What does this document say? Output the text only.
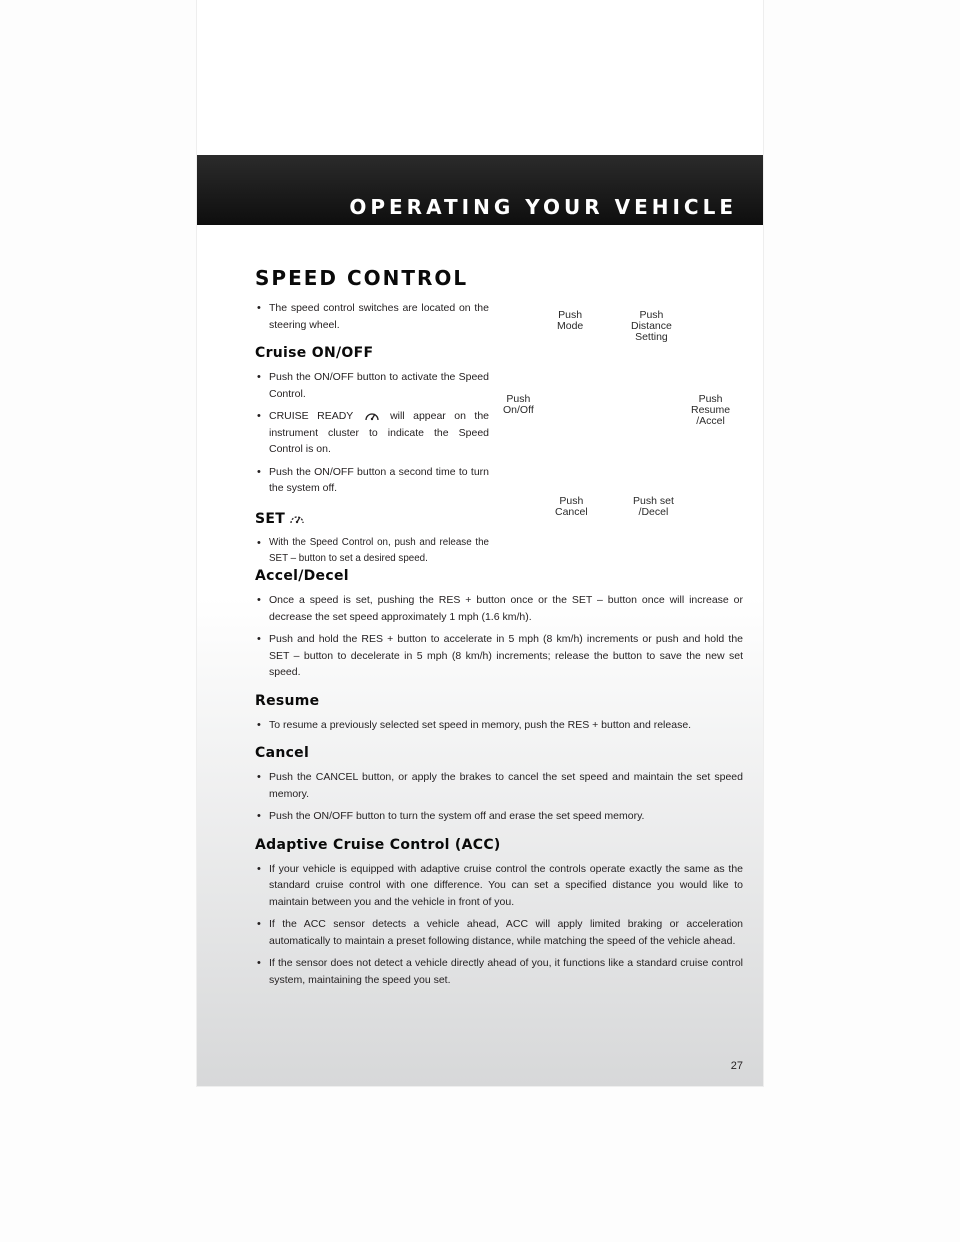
OPERATING YOUR VEHICLE
SPEED CONTROL
• The speed control switches are located on the steering wheel.
Cruise ON/OFF
• Push the ON/OFF button to activate the Speed Control.
• CRUISE READY	will appear on the instrument cluster to indicate the Speed Control is on.
• Push the ON/OFF button a second time to turn the system off.
SET
• With the Speed Control on, push and release the SET – button to set a desired speed.
Push
Mode
Push
Distance
Setting
Push
On/Off
Push
Resume
/Accel
Push
Cancel
Push set
/Decel
Accel/Decel
• Once a speed is set, pushing the RES + button once or the SET – button once will increase or decrease the set speed approximately 1 mph (1.6 km/h).
• Push and hold the RES + button to accelerate in 5 mph (8 km/h) increments or push and hold the SET – button to decelerate in 5 mph (8 km/h) increments; release the button to save the new set speed.
Resume
• To resume a previously selected set speed in memory, push the RES + button and release.
Cancel
• Push the CANCEL button, or apply the brakes to cancel the set speed and maintain the set speed memory.
• Push the ON/OFF button to turn the system off and erase the set speed memory.
Adaptive Cruise Control (ACC)
• If your vehicle is equipped with adaptive cruise control the controls operate exactly the same as the standard cruise control with one difference. You can set a specified distance you would like to maintain between you and the vehicle in front of you.
• If the ACC sensor detects a vehicle ahead, ACC will apply limited braking or acceleration automatically to maintain a preset following distance, while matching the speed of the vehicle ahead.
• If the sensor does not detect a vehicle directly ahead of you, it functions like a standard cruise control system, maintaining the speed you set.
27
